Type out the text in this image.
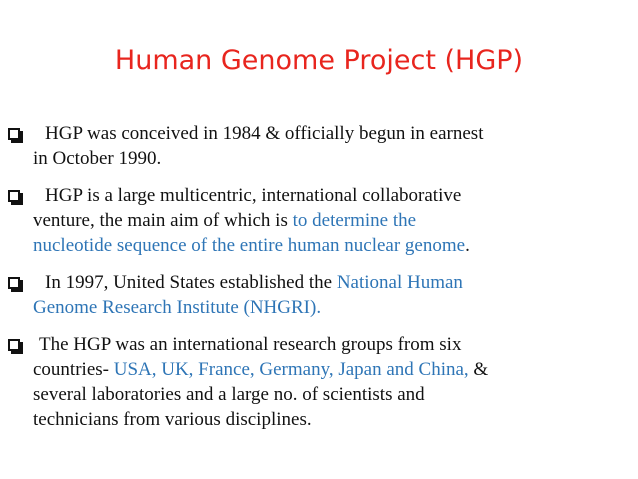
Human Genome Project (HGP)
HGP was conceived in 1984 & officially begun in earnest
in October 1990.
HGP is a large multicentric, international collaborative
venture, the main aim of which is to determine the
nucleotide sequence of the entire human nuclear genome.
In 1997, United States established the National Human
Genome Research Institute (NHGRI).
The HGP was an international research groups from six
countries- USA, UK, France, Germany, Japan and China, &
several laboratories and a large no. of scientists and
technicians from various disciplines.
